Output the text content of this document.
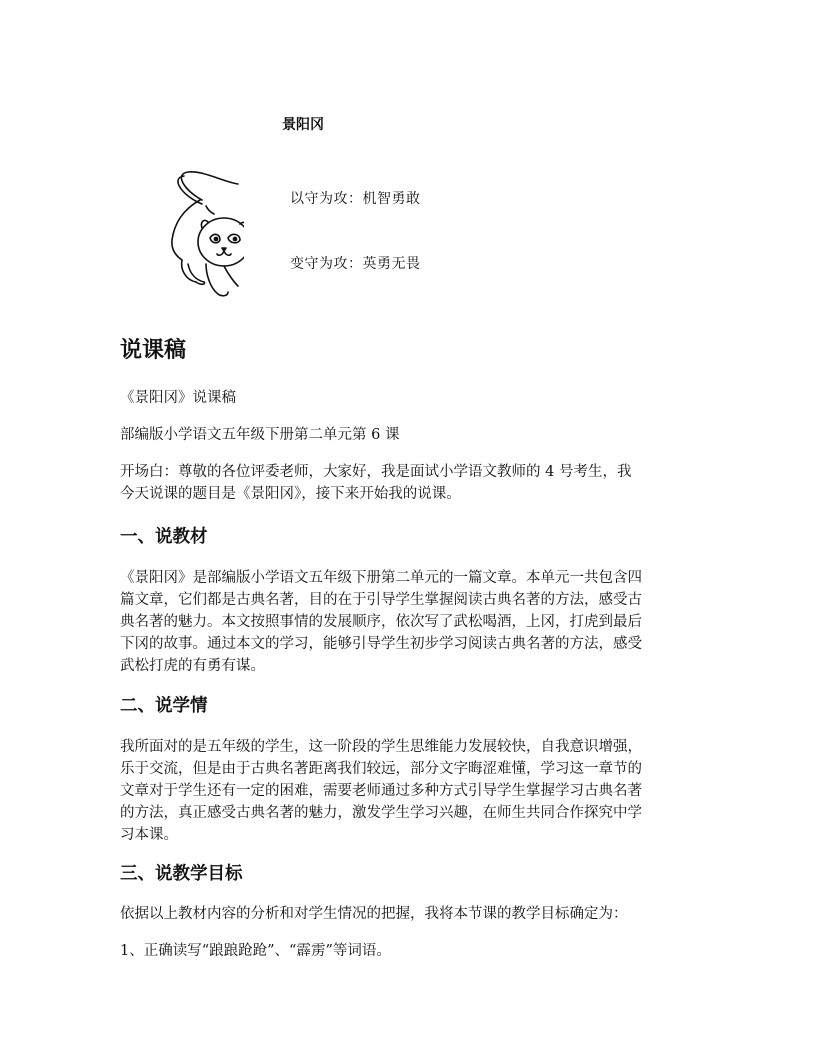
景阳冈
以守为攻：机智勇敢
变守为攻：英勇无畏
说课稿
《景阳冈》说课稿
部编版小学语文五年级下册第二单元第 6 课
开场白：尊敬的各位评委老师，大家好，我是面试小学语文教师的 4 号考生，我
今天说课的题目是《景阳冈》，接下来开始我的说课。
一、说教材
《景阳冈》是部编版小学语文五年级下册第二单元的一篇文章。本单元一共包含四
篇文章，它们都是古典名著，目的在于引导学生掌握阅读古典名著的方法，感受古
典名著的魅力。本文按照事情的发展顺序，依次写了武松喝酒，上冈，打虎到最后
下冈的故事。通过本文的学习，能够引导学生初步学习阅读古典名著的方法，感受
武松打虎的有勇有谋。
二、说学情
我所面对的是五年级的学生，这一阶段的学生思维能力发展较快，自我意识增强，
乐于交流，但是由于古典名著距离我们较远，部分文字晦涩难懂，学习这一章节的
文章对于学生还有一定的困难，需要老师通过多种方式引导学生掌握学习古典名著
的方法，真正感受古典名著的魅力，激发学生学习兴趣，在师生共同合作探究中学
习本课。
三、说教学目标
依据以上教材内容的分析和对学生情况的把握，我将本节课的教学目标确定为：
1、正确读写“踉踉跄跄”、“霹雳”等词语。
